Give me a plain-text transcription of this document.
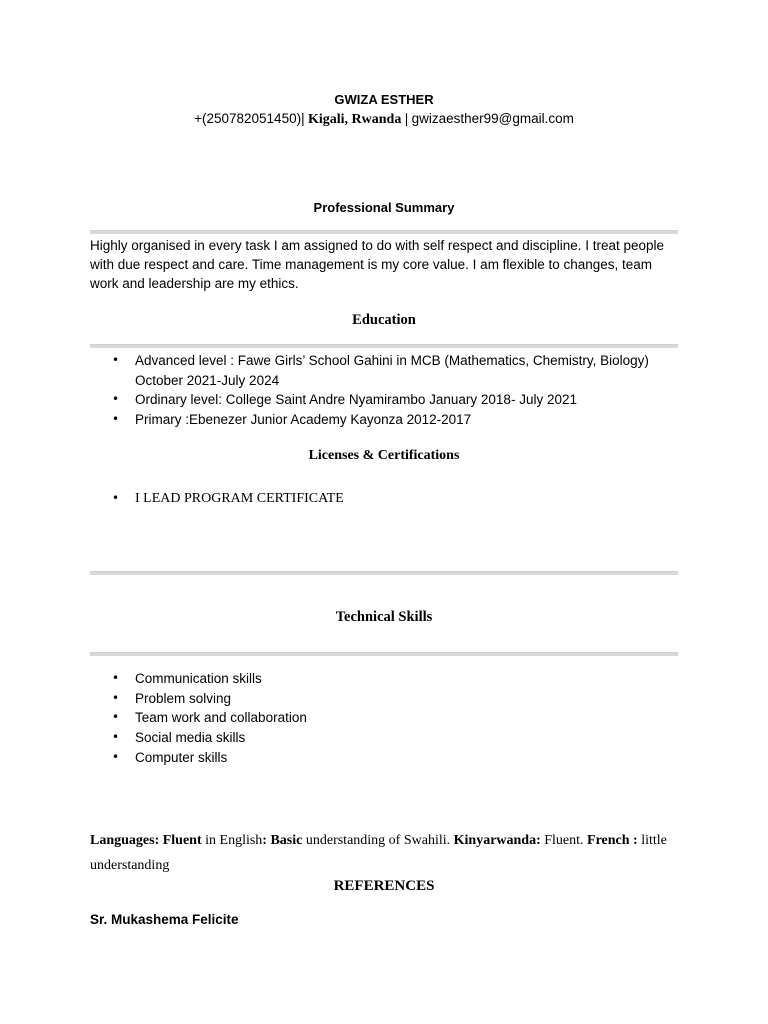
GWIZA ESTHER
+(250782051450)| Kigali, Rwanda | gwizaesther99@gmail.com
Professional Summary
Highly organised in every task I am assigned to do with self respect and discipline. I treat people
with due respect and care. Time management is my core value. I am flexible to changes, team
work and leadership are my ethics.
Education
• Advanced level : Fawe Girls’ School Gahini in MCB (Mathematics, Chemistry, Biology)
October 2021-July 2024
• Ordinary level: College Saint Andre Nyamirambo January 2018- July 2021
• Primary :Ebenezer Junior Academy Kayonza 2012-2017
Licenses & Certifications
• I LEAD PROGRAM CERTIFICATE
Technical Skills
• Communication skills
• Problem solving
• Team work and collaboration
• Social media skills
• Computer skills
Languages: Fluent in English: Basic understanding of Swahili. Kinyarwanda: Fluent. French : little
understanding
REFERENCES
Sr. Mukashema Felicite
